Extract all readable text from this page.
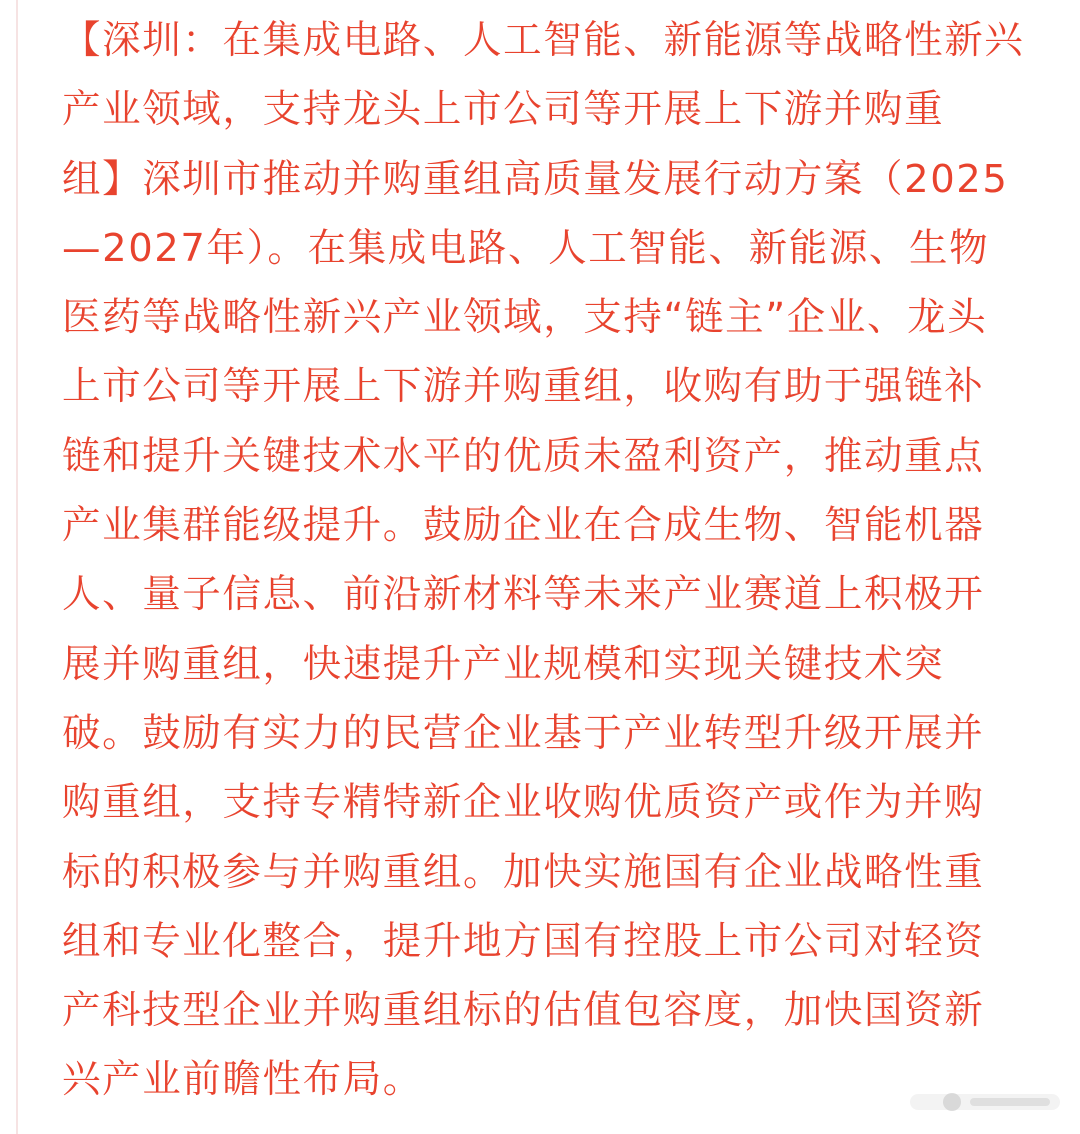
【深圳：在集成电路、人工智能、新能源等战略性新兴
产业领域，支持龙头上市公司等开展上下游并购重
组】深圳市推动并购重组高质量发展行动方案（2025
—2027年）。在集成电路、人工智能、新能源、生物
医药等战略性新兴产业领域，支持“链主”企业、龙头
上市公司等开展上下游并购重组，收购有助于强链补
链和提升关键技术水平的优质未盈利资产，推动重点
产业集群能级提升。鼓励企业在合成生物、智能机器
人、量子信息、前沿新材料等未来产业赛道上积极开
展并购重组，快速提升产业规模和实现关键技术突
破。鼓励有实力的民营企业基于产业转型升级开展并
购重组，支持专精特新企业收购优质资产或作为并购
标的积极参与并购重组。加快实施国有企业战略性重
组和专业化整合，提升地方国有控股上市公司对轻资
产科技型企业并购重组标的估值包容度，加快国资新
兴产业前瞻性布局。
